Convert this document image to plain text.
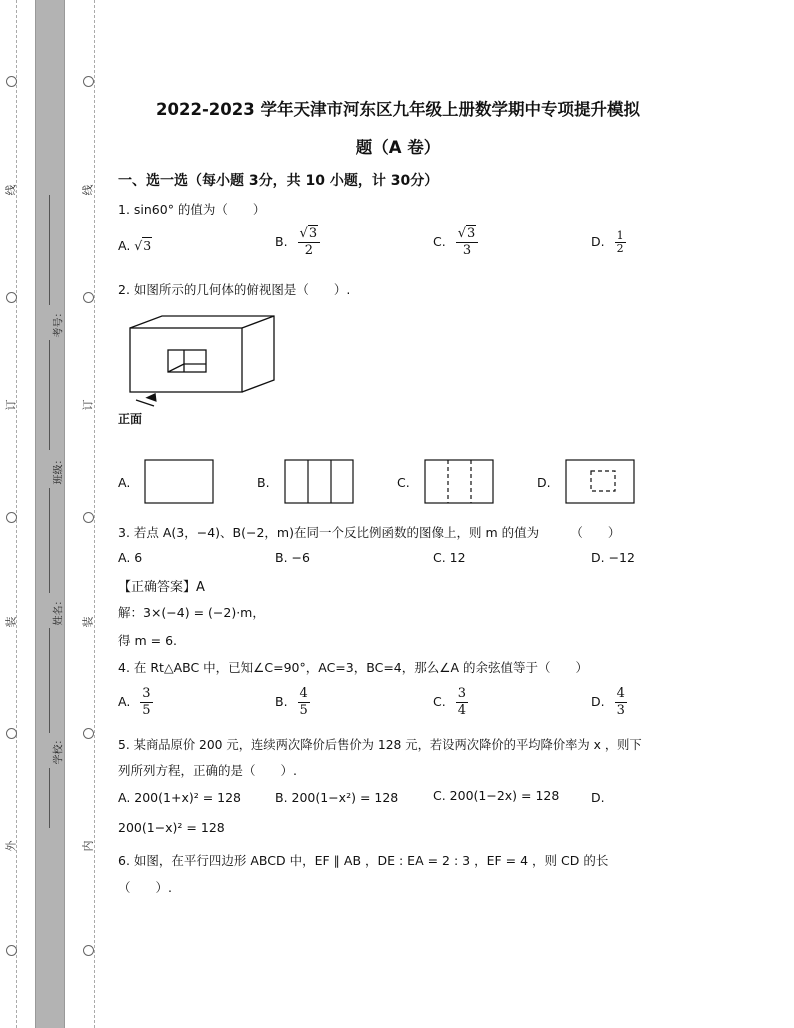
线
订
装
外
线
订
装
内
考号：
班级：
姓名：
学校：
2022-2023 学年天津市河东区九年级上册数学期中专项提升模拟
题（A 卷）
一、选一选（每小题 3分，共 10 小题，计 30分）
1. sin60° 的值为（　　）
A. √3	B. $\frac{√3}{2}$	C. $\frac{√3}{3}$	D. $\frac{1}{2}$
2. 如图所示的几何体的俯视图是（　　）.
正面
A.	B.	C.	D.
3. 若点 A(3，−4)、B(−2，m)在同一个反比例函数的图像上，则 m 的值为　　　（　　）
A. 6	B. −6	C. 12	D. −12
【正确答案】A
解：3×(−4) = (−2)·m，
得 m = 6.
4. 在 Rt△ABC 中，已知∠C=90°，AC=3，BC=4，那么∠A 的余弦值等于（　　）
A. $\frac{3}{5}$	B. $\frac{4}{5}$	C. $\frac{3}{4}$	D. $\frac{4}{3}$
5. 某商品原价 200 元，连续两次降价后售价为 128 元，若设两次降价的平均降价率为 x ，则下
列所列方程，正确的是（　　）.
A. 200(1+x)² = 128	B. 200(1−x²) = 128	C. 200(1−2x) = 128	D.
200(1−x)² = 128
6. 如图，在平行四边形 ABCD 中，EF ∥ AB ，DE : EA = 2 : 3 ，EF = 4 ，则 CD 的长
（　　）.
